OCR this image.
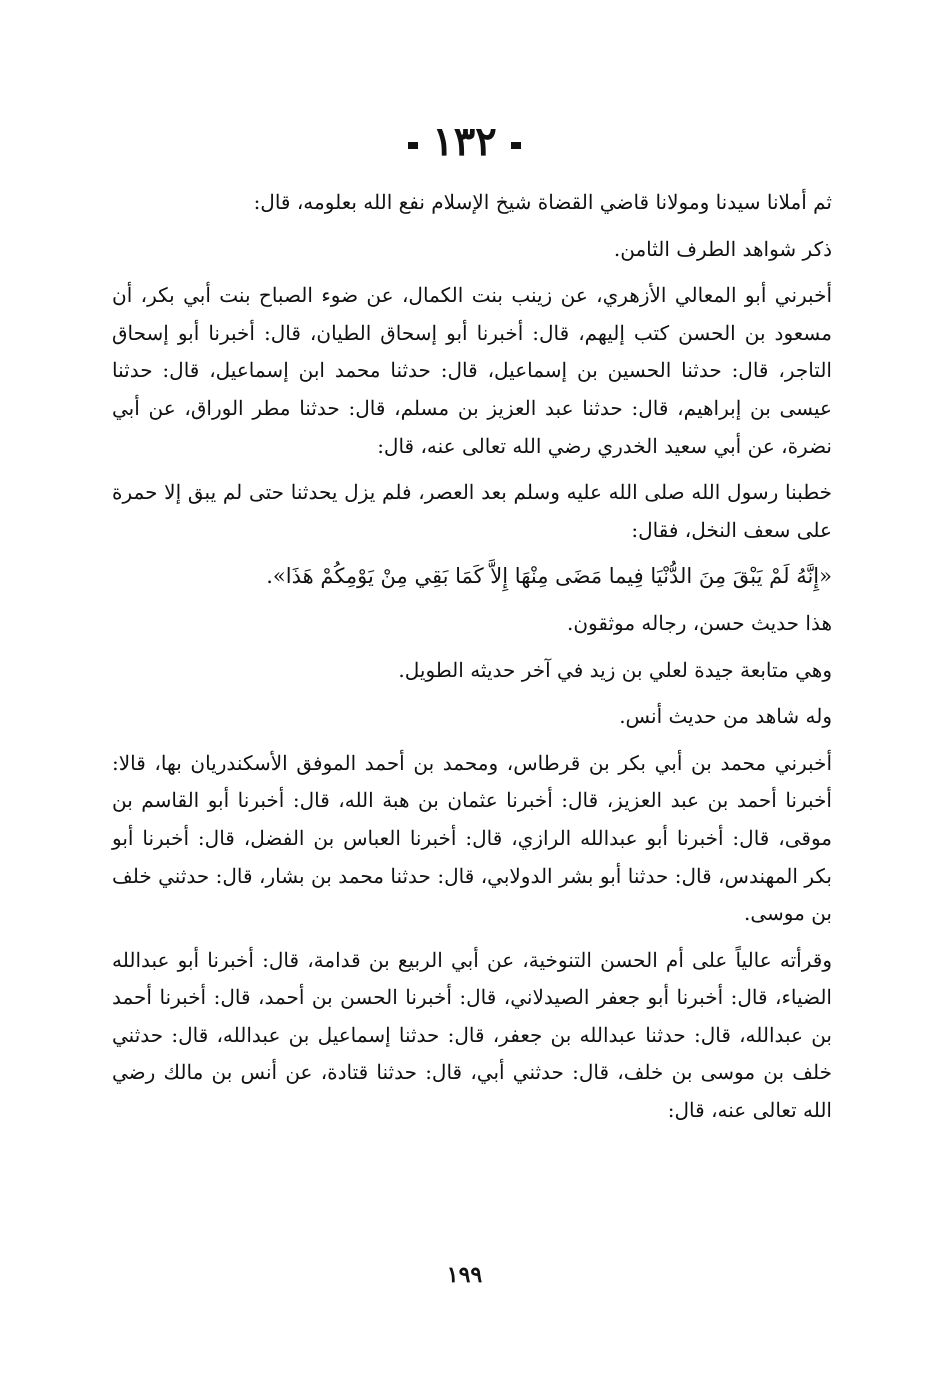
١٣٢

ثم أملانا سيدنا ومولانا قاضي القضاة شيخ الإسلام نفع الله بعلومه، قال:

ذكر شواهد الطرف الثامن.

أخبرني أبو المعالي الأزهري، عن زينب بنت الكمال، عن ضوء الصباح بنت أبي بكر، أن مسعود بن الحسن كتب إليهم، قال: أخبرنا أبو إسحاق الطيان، قال: أخبرنا أبو إسحاق التاجر، قال: حدثنا الحسين بن إسماعيل، قال: حدثنا محمد ابن إسماعيل، قال: حدثنا عيسى بن إبراهيم، قال: حدثنا عبد العزيز بن مسلم، قال: حدثنا مطر الوراق، عن أبي نضرة، عن أبي سعيد الخدري رضي الله تعالى عنه، قال:

خطبنا رسول الله صلى الله عليه وسلم بعد العصر، فلم يزل يحدثنا حتى لم يبق إلا حمرة على سعف النخل، فقال:

«إِنَّهُ لَمْ يَبْقَ مِنَ الدُّنْيَا فِيما مَضَى مِنْهَا إِلاَّ كَمَا بَقِي مِنْ يَوْمِكُمْ هَذَا».

هذا حديث حسن، رجاله موثقون.

وهي متابعة جيدة لعلي بن زيد في آخر حديثه الطويل.

وله شاهد من حديث أنس.

أخبرني محمد بن أبي بكر بن قرطاس، ومحمد بن أحمد الموفق الأسكندريان بها، قالا: أخبرنا أحمد بن عبد العزيز، قال: أخبرنا عثمان بن هبة الله، قال: أخبرنا أبو القاسم بن موقى، قال: أخبرنا أبو عبدالله الرازي، قال: أخبرنا العباس بن الفضل، قال: أخبرنا أبو بكر المهندس، قال: حدثنا أبو بشر الدولابي، قال: حدثنا محمد بن بشار، قال: حدثني خلف بن موسى.

وقرأته عالياً على أم الحسن التنوخية، عن أبي الربيع بن قدامة، قال: أخبرنا أبو عبدالله الضياء، قال: أخبرنا أبو جعفر الصيدلاني، قال: أخبرنا الحسن بن أحمد، قال: أخبرنا أحمد بن عبدالله، قال: حدثنا عبدالله بن جعفر، قال: حدثنا إسماعيل بن عبدالله، قال: حدثني خلف بن موسى بن خلف، قال: حدثني أبي، قال: حدثنا قتادة، عن أنس بن مالك رضي الله تعالى عنه، قال:

١٩٩
